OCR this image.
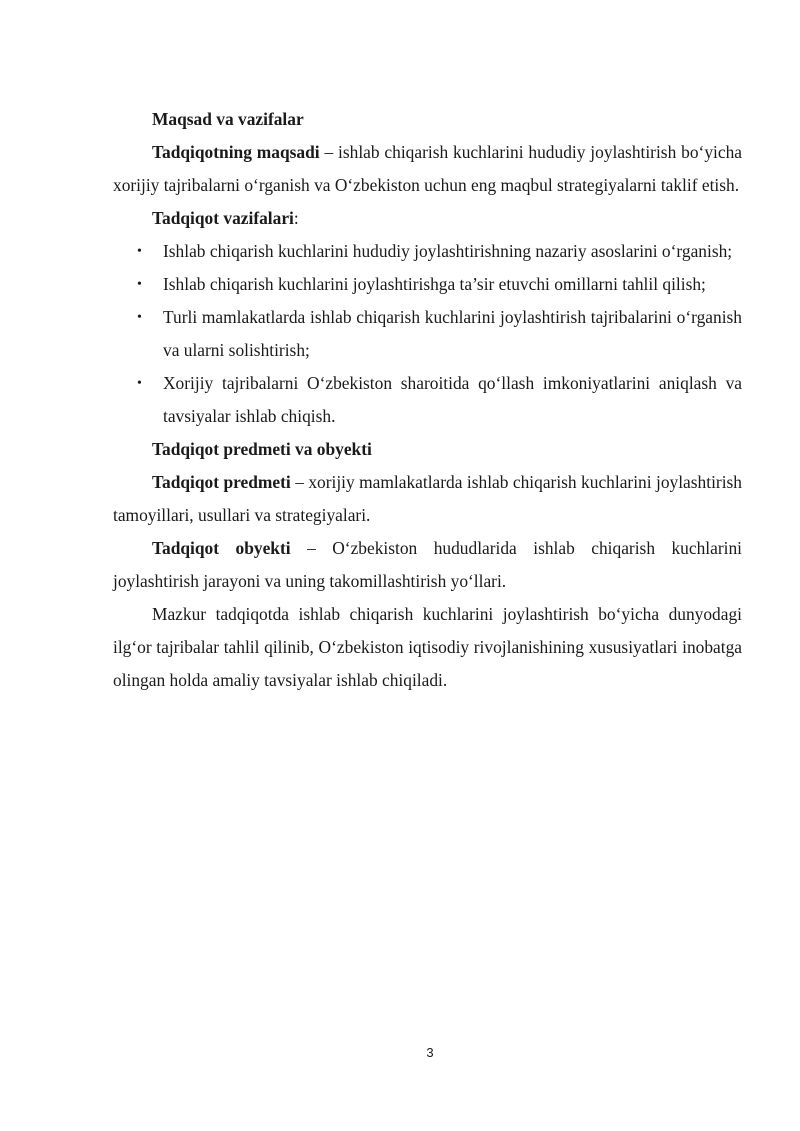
Maqsad va vazifalar

Tadqiqotning maqsadi – ishlab chiqarish kuchlarini hududiy joylashtirish bo‘yicha xorijiy tajribalarni o‘rganish va O‘zbekiston uchun eng maqbul strategiyalarni taklif etish.

Tadqiqot vazifalari:

• Ishlab chiqarish kuchlarini hududiy joylashtirishning nazariy asoslarini o‘rganish;
• Ishlab chiqarish kuchlarini joylashtirishga ta’sir etuvchi omillarni tahlil qilish;
• Turli mamlakatlarda ishlab chiqarish kuchlarini joylashtirish tajribalarini o‘rganish va ularni solishtirish;
• Xorijiy tajribalarni O‘zbekiston sharoitida qo‘llash imkoniyatlarini aniqlash va tavsiyalar ishlab chiqish.

Tadqiqot predmeti va obyekti

Tadqiqot predmeti – xorijiy mamlakatlarda ishlab chiqarish kuchlarini joylashtirish tamoyillari, usullari va strategiyalari.

Tadqiqot obyekti – O‘zbekiston hududlarida ishlab chiqarish kuchlarini joylashtirish jarayoni va uning takomillashtirish yo‘llari.

Mazkur tadqiqotda ishlab chiqarish kuchlarini joylashtirish bo‘yicha dunyodagi ilg‘or tajribalar tahlil qilinib, O‘zbekiston iqtisodiy rivojlanishining xususiyatlari inobatga olingan holda amaliy tavsiyalar ishlab chiqiladi.

3
